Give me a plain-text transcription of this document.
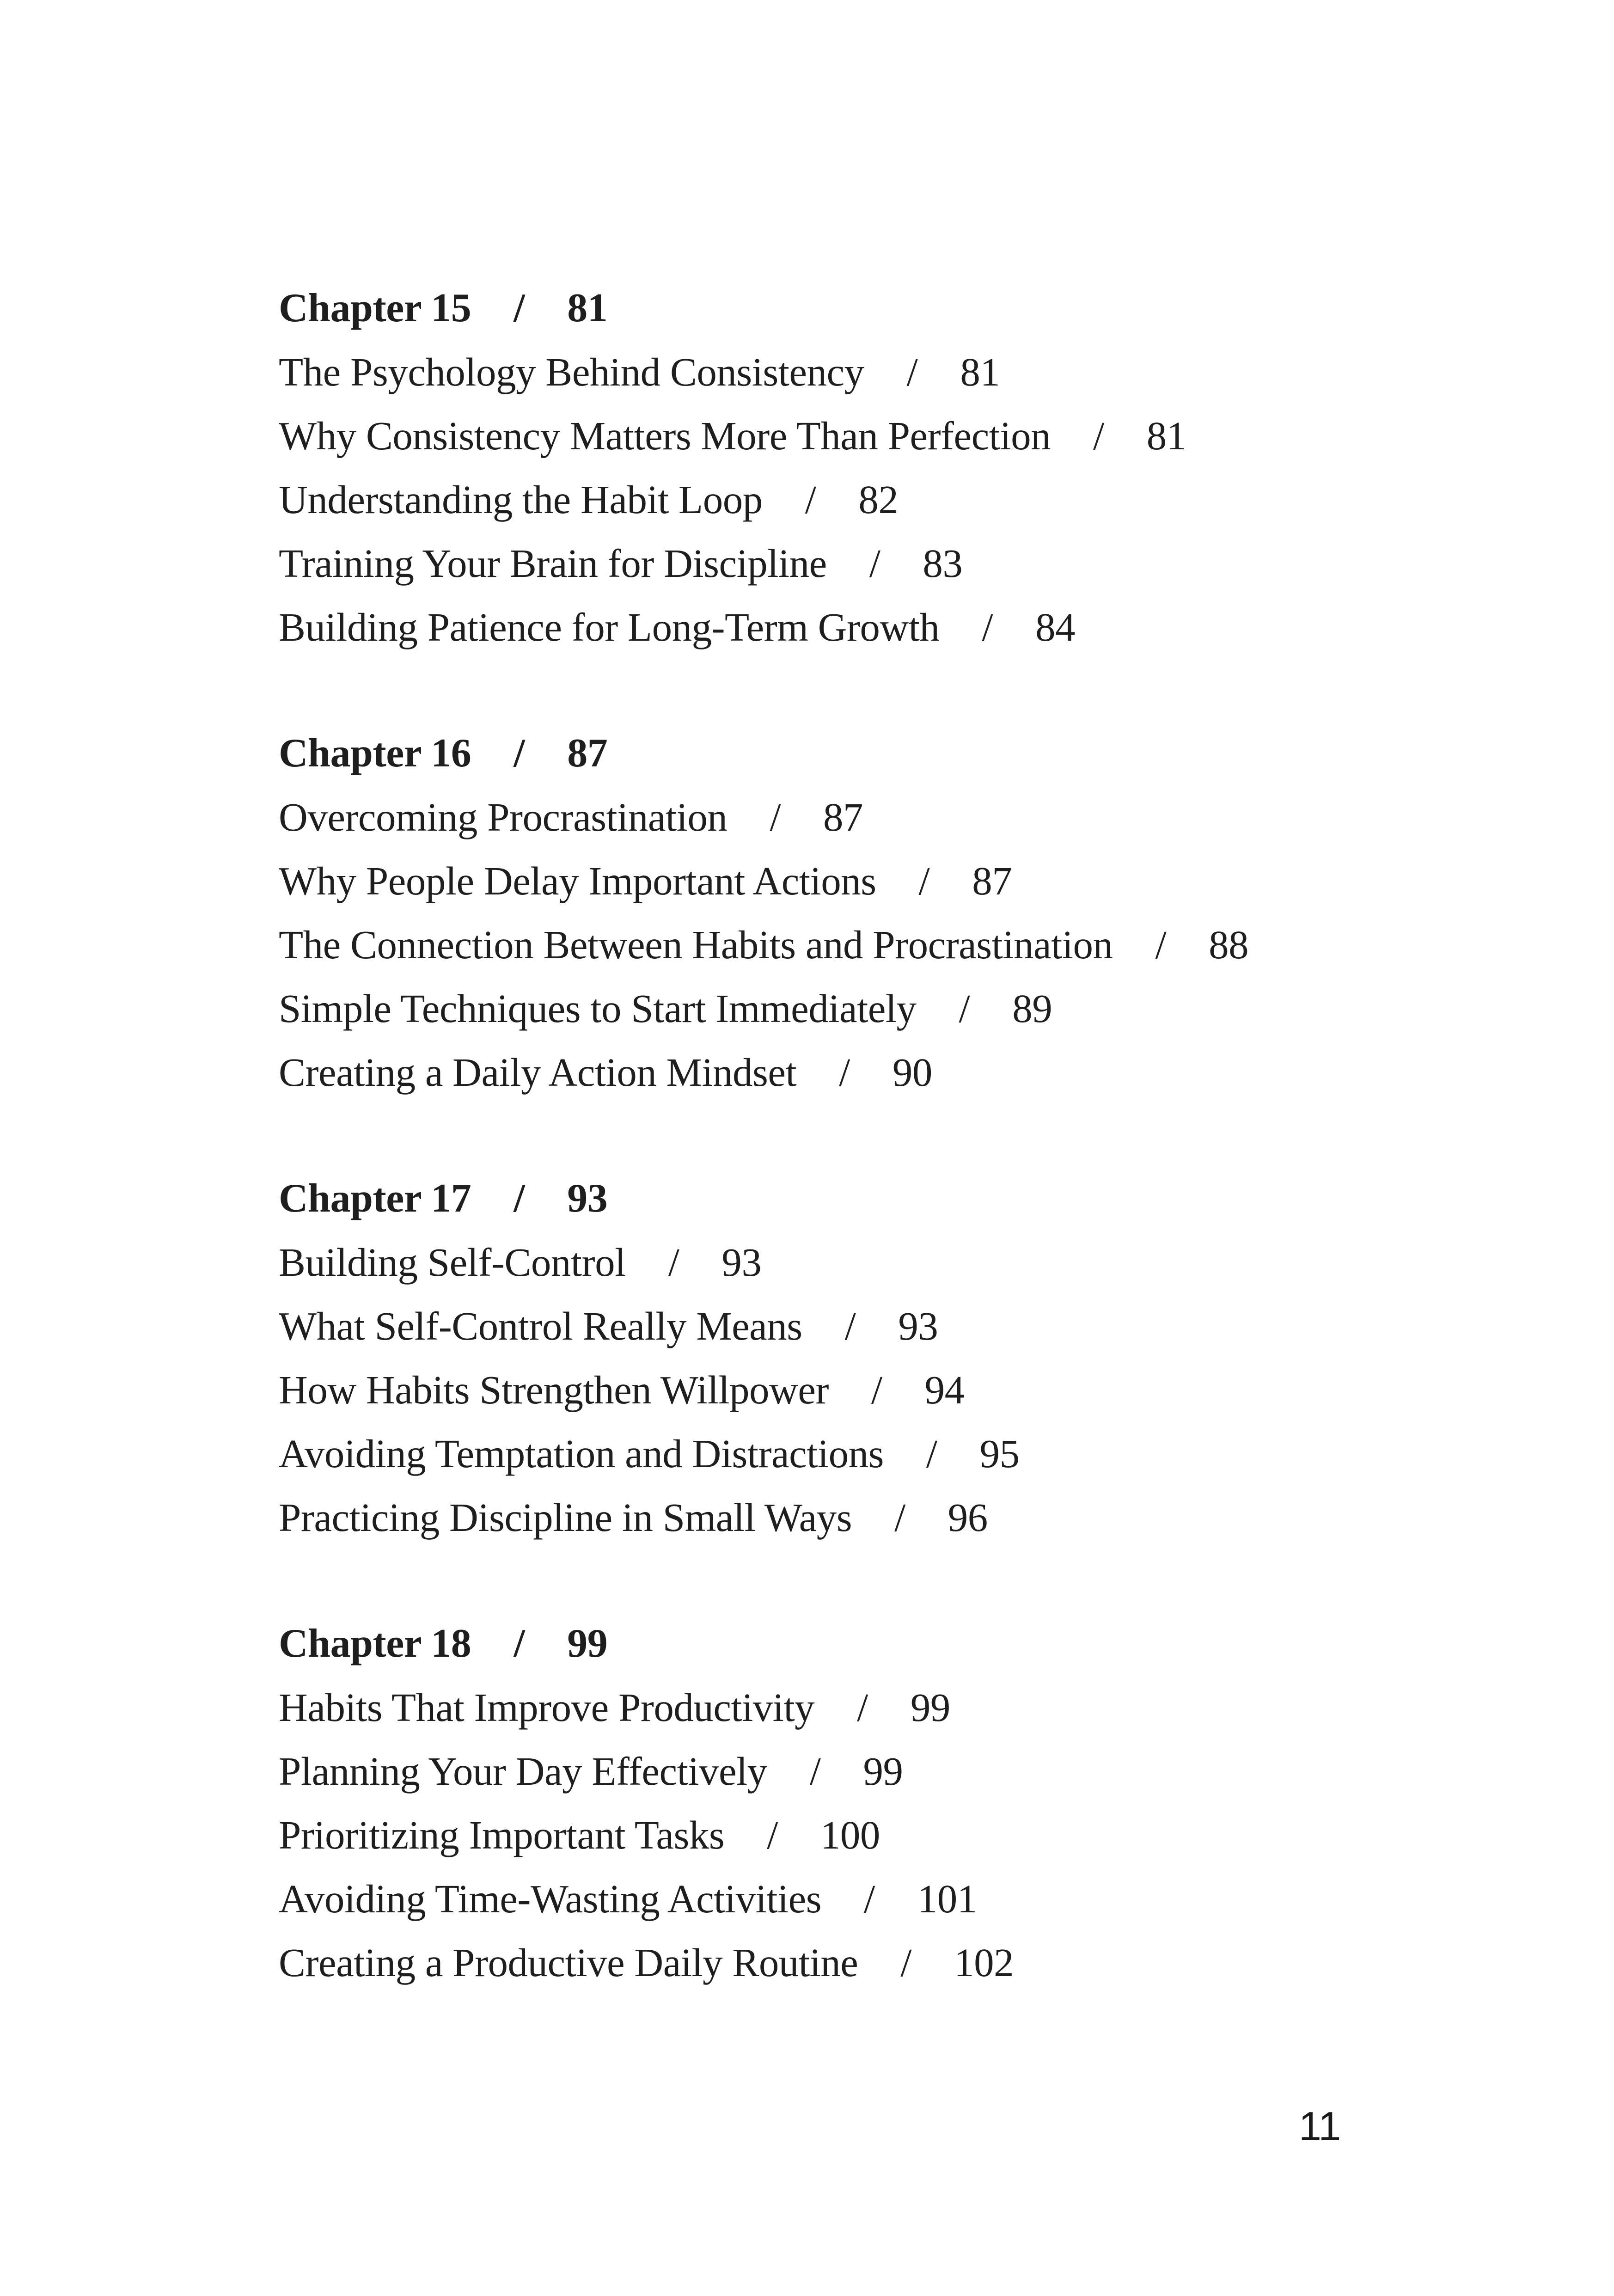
Chapter 15 / 81
The Psychology Behind Consistency / 81
Why Consistency Matters More Than Perfection / 81
Understanding the Habit Loop / 82
Training Your Brain for Discipline / 83
Building Patience for Long-Term Growth / 84
Chapter 16 / 87
Overcoming Procrastination / 87
Why People Delay Important Actions / 87
The Connection Between Habits and Procrastination / 88
Simple Techniques to Start Immediately / 89
Creating a Daily Action Mindset / 90
Chapter 17 / 93
Building Self-Control / 93
What Self-Control Really Means / 93
How Habits Strengthen Willpower / 94
Avoiding Temptation and Distractions / 95
Practicing Discipline in Small Ways / 96
Chapter 18 / 99
Habits That Improve Productivity / 99
Planning Your Day Effectively / 99
Prioritizing Important Tasks / 100
Avoiding Time-Wasting Activities / 101
Creating a Productive Daily Routine / 102
11
